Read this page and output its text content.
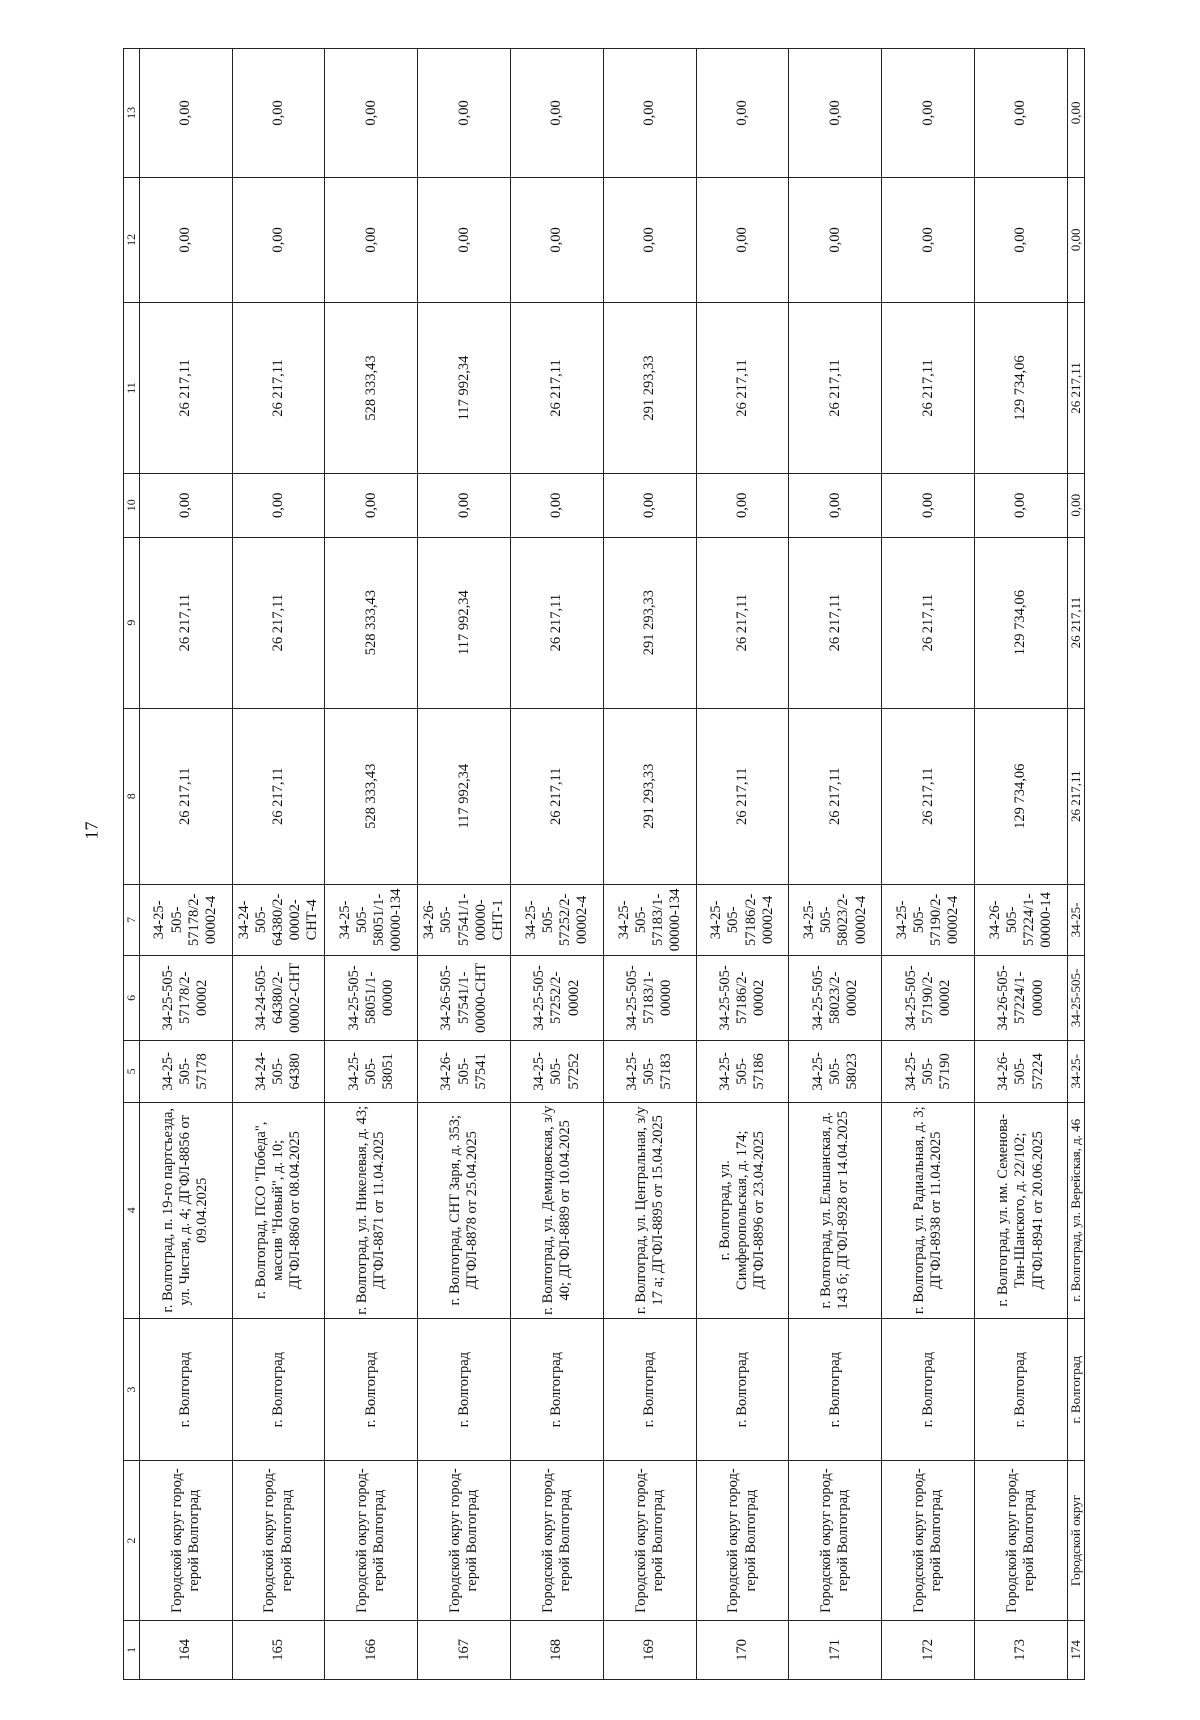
17
1	2	3	4	5	6	7	8	9	10	11	12	13
164	Городской округ город-герой Волгоград	г. Волгоград	г. Волгоград, п. 19-го партсъезда, ул. Чистая, д. 4; ДГФЛ-8856 от 09.04.2025	34-25-505-57178	34-25-505-57178/2-00002	34-25-505-57178/2-00002-4	26 217,11	26 217,11	0,00	26 217,11	0,00	0,00
165	Городской округ город-герой Волгоград	г. Волгоград	г. Волгоград, ПСО "Победа", массив "Новый", д. 10; ДГФЛ-8860 от 08.04.2025	34-24-505-64380	34-24-505-64380/2-00002-СНТ	34-24-505-64380/2-00002-СНТ-4	26 217,11	26 217,11	0,00	26 217,11	0,00	0,00
166	Городской округ город-герой Волгоград	г. Волгоград	г. Волгоград, ул. Никелевая, д. 43; ДГФЛ-8871 от 11.04.2025	34-25-505-58051	34-25-505-58051/1-00000	34-25-505-58051/1-00000-134	528 333,43	528 333,43	0,00	528 333,43	0,00	0,00
167	Городской округ город-герой Волгоград	г. Волгоград	г. Волгоград, СНТ Заря, д. 353; ДГФЛ-8878 от 25.04.2025	34-26-505-57541	34-26-505-57541/1-00000-СНТ	34-26-505-57541/1-00000-СНТ-1	117 992,34	117 992,34	0,00	117 992,34	0,00	0,00
168	Городской округ город-герой Волгоград	г. Волгоград	г. Волгоград, ул. Демидовская, з/у 40; ДГФЛ-8889 от 10.04.2025	34-25-505-57252	34-25-505-57252/2-00002	34-25-505-57252/2-00002-4	26 217,11	26 217,11	0,00	26 217,11	0,00	0,00
169	Городской округ город-герой Волгоград	г. Волгоград	г. Волгоград, ул. Центральная, з/у 17 а; ДГФЛ-8895 от 15.04.2025	34-25-505-57183	34-25-505-57183/1-00000	34-25-505-57183/1-00000-134	291 293,33	291 293,33	0,00	291 293,33	0,00	0,00
170	Городской округ город-герой Волгоград	г. Волгоград	г. Волгоград, ул. Симферопольская, д. 174; ДГФЛ-8896 от 23.04.2025	34-25-505-57186	34-25-505-57186/2-00002	34-25-505-57186/2-00002-4	26 217,11	26 217,11	0,00	26 217,11	0,00	0,00
171	Городской округ город-герой Волгоград	г. Волгоград	г. Волгоград, ул. Ельшанская, д. 143 б; ДГФЛ-8928 от 14.04.2025	34-25-505-58023	34-25-505-58023/2-00002	34-25-505-58023/2-00002-4	26 217,11	26 217,11	0,00	26 217,11	0,00	0,00
172	Городской округ город-герой Волгоград	г. Волгоград	г. Волгоград, ул. Радиальная, д. 3; ДГФЛ-8938 от 11.04.2025	34-25-505-57190	34-25-505-57190/2-00002	34-25-505-57190/2-00002-4	26 217,11	26 217,11	0,00	26 217,11	0,00	0,00
173	Городской округ город-герой Волгоград	г. Волгоград	г. Волгоград, ул. им. Семенова-Тян-Шанского, д. 22/102; ДГФЛ-8941 от 20.06.2025	34-26-505-57224	34-26-505-57224/1-00000	34-26-505-57224/1-00000-14	129 734,06	129 734,06	0,00	129 734,06	0,00	0,00
174	Городской округ	г. Волгоград	г. Волгоград, ул. Верейская, д. 46	34-25-	34-25-505-	34-25-	26 217,11	26 217,11	0,00	26 217,11	0,00	0,00
